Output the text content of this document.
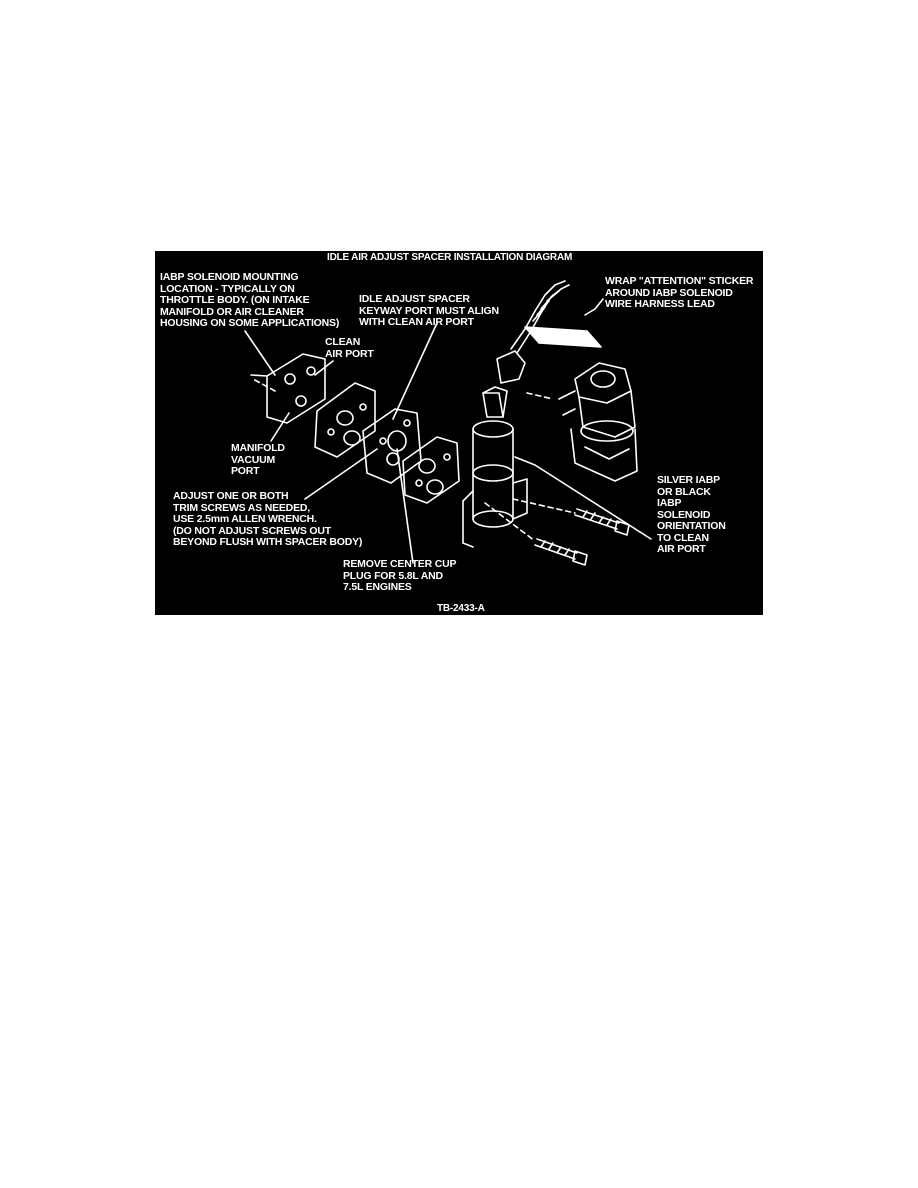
IDLE AIR ADJUST SPACER INSTALLATION DIAGRAM

IABP SOLENOID MOUNTING
LOCATION - TYPICALLY ON
THROTTLE BODY. (ON INTAKE
MANIFOLD OR AIR CLEANER
HOUSING ON SOME APPLICATIONS)

CLEAN
AIR PORT

IDLE ADJUST SPACER
KEYWAY PORT MUST ALIGN
WITH CLEAN AIR PORT

WRAP "ATTENTION" STICKER
AROUND IABP SOLENOID
WIRE HARNESS LEAD

MANIFOLD
VACUUM
PORT

ADJUST ONE OR BOTH
TRIM SCREWS AS NEEDED,
USE 2.5mm ALLEN WRENCH.
(DO NOT ADJUST SCREWS OUT
BEYOND FLUSH WITH SPACER BODY)

REMOVE CENTER CUP
PLUG FOR 5.8L AND
7.5L ENGINES

SILVER IABP
OR BLACK
IABP
SOLENOID
ORIENTATION
TO CLEAN
AIR PORT

TB-2433-A
